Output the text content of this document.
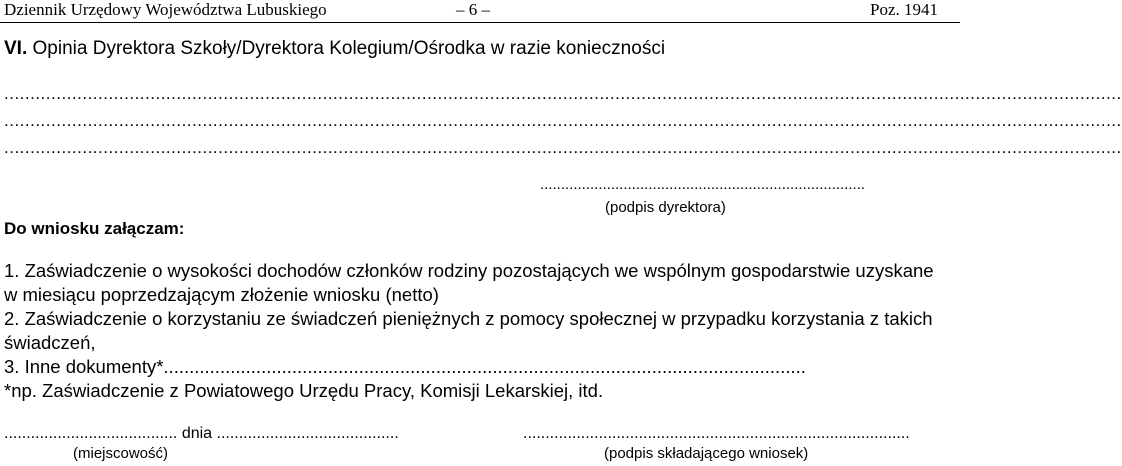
Dziennik Urzędowy Województwa Lubuskiego	– 6 –	Poz. 1941
VI. Opinia Dyrektora Szkoły/Dyrektora Kolegium/Ośrodka w razie konieczności
......................................................................................................................................................................................................................
......................................................................................................................................................................................................................
......................................................................................................................................................................................................................
..............................................................................
(podpis dyrektora)
Do wniosku załączam:
1. Zaświadczenie o wysokości dochodów członków rodziny pozostających we wspólnym gospodarstwie uzyskane
w miesiącu poprzedzającym złożenie wniosku (netto)
2. Zaświadczenie o korzystaniu ze świadczeń pieniężnych z pomocy społecznej w przypadku korzystania z takich
świadczeń,
3. Inne dokumenty*.............................................................................................................................
*np. Zaświadczenie z Powiatowego Urzędu Pracy, Komisji Lekarskiej, itd.
....................................... dnia .........................................	.......................................................................................
(miejscowość)	(podpis składającego wniosek)
